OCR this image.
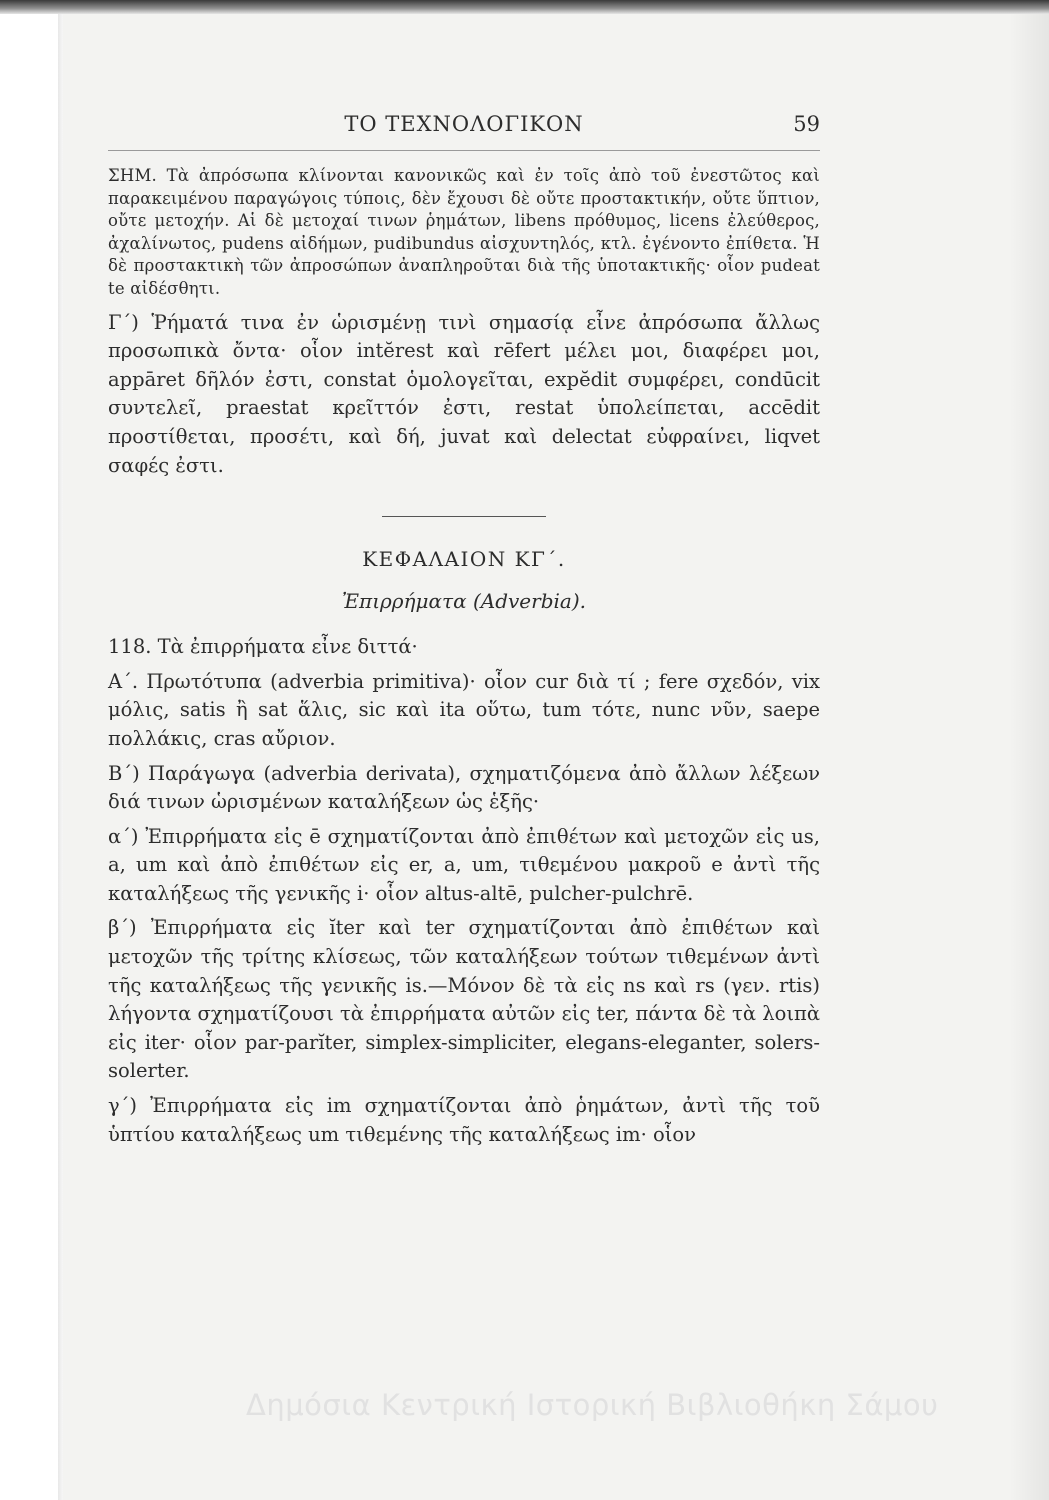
ΤΟ ΤΕΧΝΟΛΟΓΙΚΟΝ	59

ΣΗΜ. Τὰ ἀπρόσωπα κλίνονται κανονικῶς καὶ ἐν τοῖς ἀπὸ τοῦ ἐνεστῶτος καὶ παρακειμένου παραγώγοις τύποις, δὲν ἔχουσι δὲ οὔτε προστακτικήν, οὔτε ὕπτιον, οὔτε μετοχήν. Αἱ δὲ μετοχαί τινων ῥημάτων, libens πρόθυμος, licens ἐλεύθερος, ἀχαλίνωτος, pudens αἰδήμων, pudibundus αἰσχυντηλός, κτλ. ἐγένοντο ἐπίθετα. Ἡ δὲ προστακτικὴ τῶν ἀπροσώπων ἀναπληροῦται διὰ τῆς ὑποτακτικῆς· οἷον pudeat te αἰδέσθητι.

Γ΄) Ῥήματά τινα ἐν ὡρισμένῃ τινὶ σημασίᾳ εἶνε ἀπρόσωπα ἄλλως προσωπικὰ ὄντα· οἷον intĕrest καὶ rēfert μέλει μοι, διαφέρει μοι, appāret δῆλόν ἐστι, constat ὁμολογεῖται, expĕdit συμφέρει, condūcit συντελεῖ, praestat κρεῖττόν ἐστι, restat ὑπολείπεται, accēdit προστίθεται, προσέτι, καὶ δή, juvat καὶ delectat εὐφραίνει, liqvet σαφές ἐστι.

ΚΕΦΑΛΑΙΟΝ ΚΓ΄.
Ἐπιρρήματα (Adverbia).

118. Τὰ ἐπιρρήματα εἶνε διττά·

Α΄. Πρωτότυπα (adverbia primitiva)· οἷον cur διὰ τί ; fere σχεδόν, vix μόλις, satis ἢ sat ἅλις, sic καὶ ita οὕτω, tum τότε, nunc νῦν, saepe πολλάκις, cras αὔριον.

Β΄) Παράγωγα (adverbia derivata), σχηματιζόμενα ἀπὸ ἄλλων λέξεων διά τινων ὡρισμένων καταλήξεων ὡς ἑξῆς·

α΄) Ἐπιρρήματα εἰς ē σχηματίζονται ἀπὸ ἐπιθέτων καὶ μετοχῶν εἰς us, a, um καὶ ἀπὸ ἐπιθέτων εἰς er, a, um, τιθεμένου μακροῦ e ἀντὶ τῆς καταλήξεως τῆς γενικῆς i· οἷον altus-altē, pulcher-pulchrē.

β΄) Ἐπιρρήματα εἰς ĭter καὶ ter σχηματίζονται ἀπὸ ἐπιθέτων καὶ μετοχῶν τῆς τρίτης κλίσεως, τῶν καταλήξεων τούτων τιθεμένων ἀντὶ τῆς καταλήξεως τῆς γενικῆς is.—Μόνον δὲ τὰ εἰς ns καὶ rs (γεν. rtis) λήγοντα σχηματίζουσι τὰ ἐπιρρήματα αὐτῶν εἰς ter, πάντα δὲ τὰ λοιπὰ εἰς iter· οἷον par-parĭter, simplex-simpliciter, elegans-eleganter, solers-solerter.

γ΄) Ἐπιρρήματα εἰς im σχηματίζονται ἀπὸ ῥημάτων, ἀντὶ τῆς τοῦ ὑπτίου καταλήξεως um τιθεμένης τῆς καταλήξεως im· οἷον

Δημόσια Κεντρική Ιστορική Βιβλιοθήκη Σάμου
